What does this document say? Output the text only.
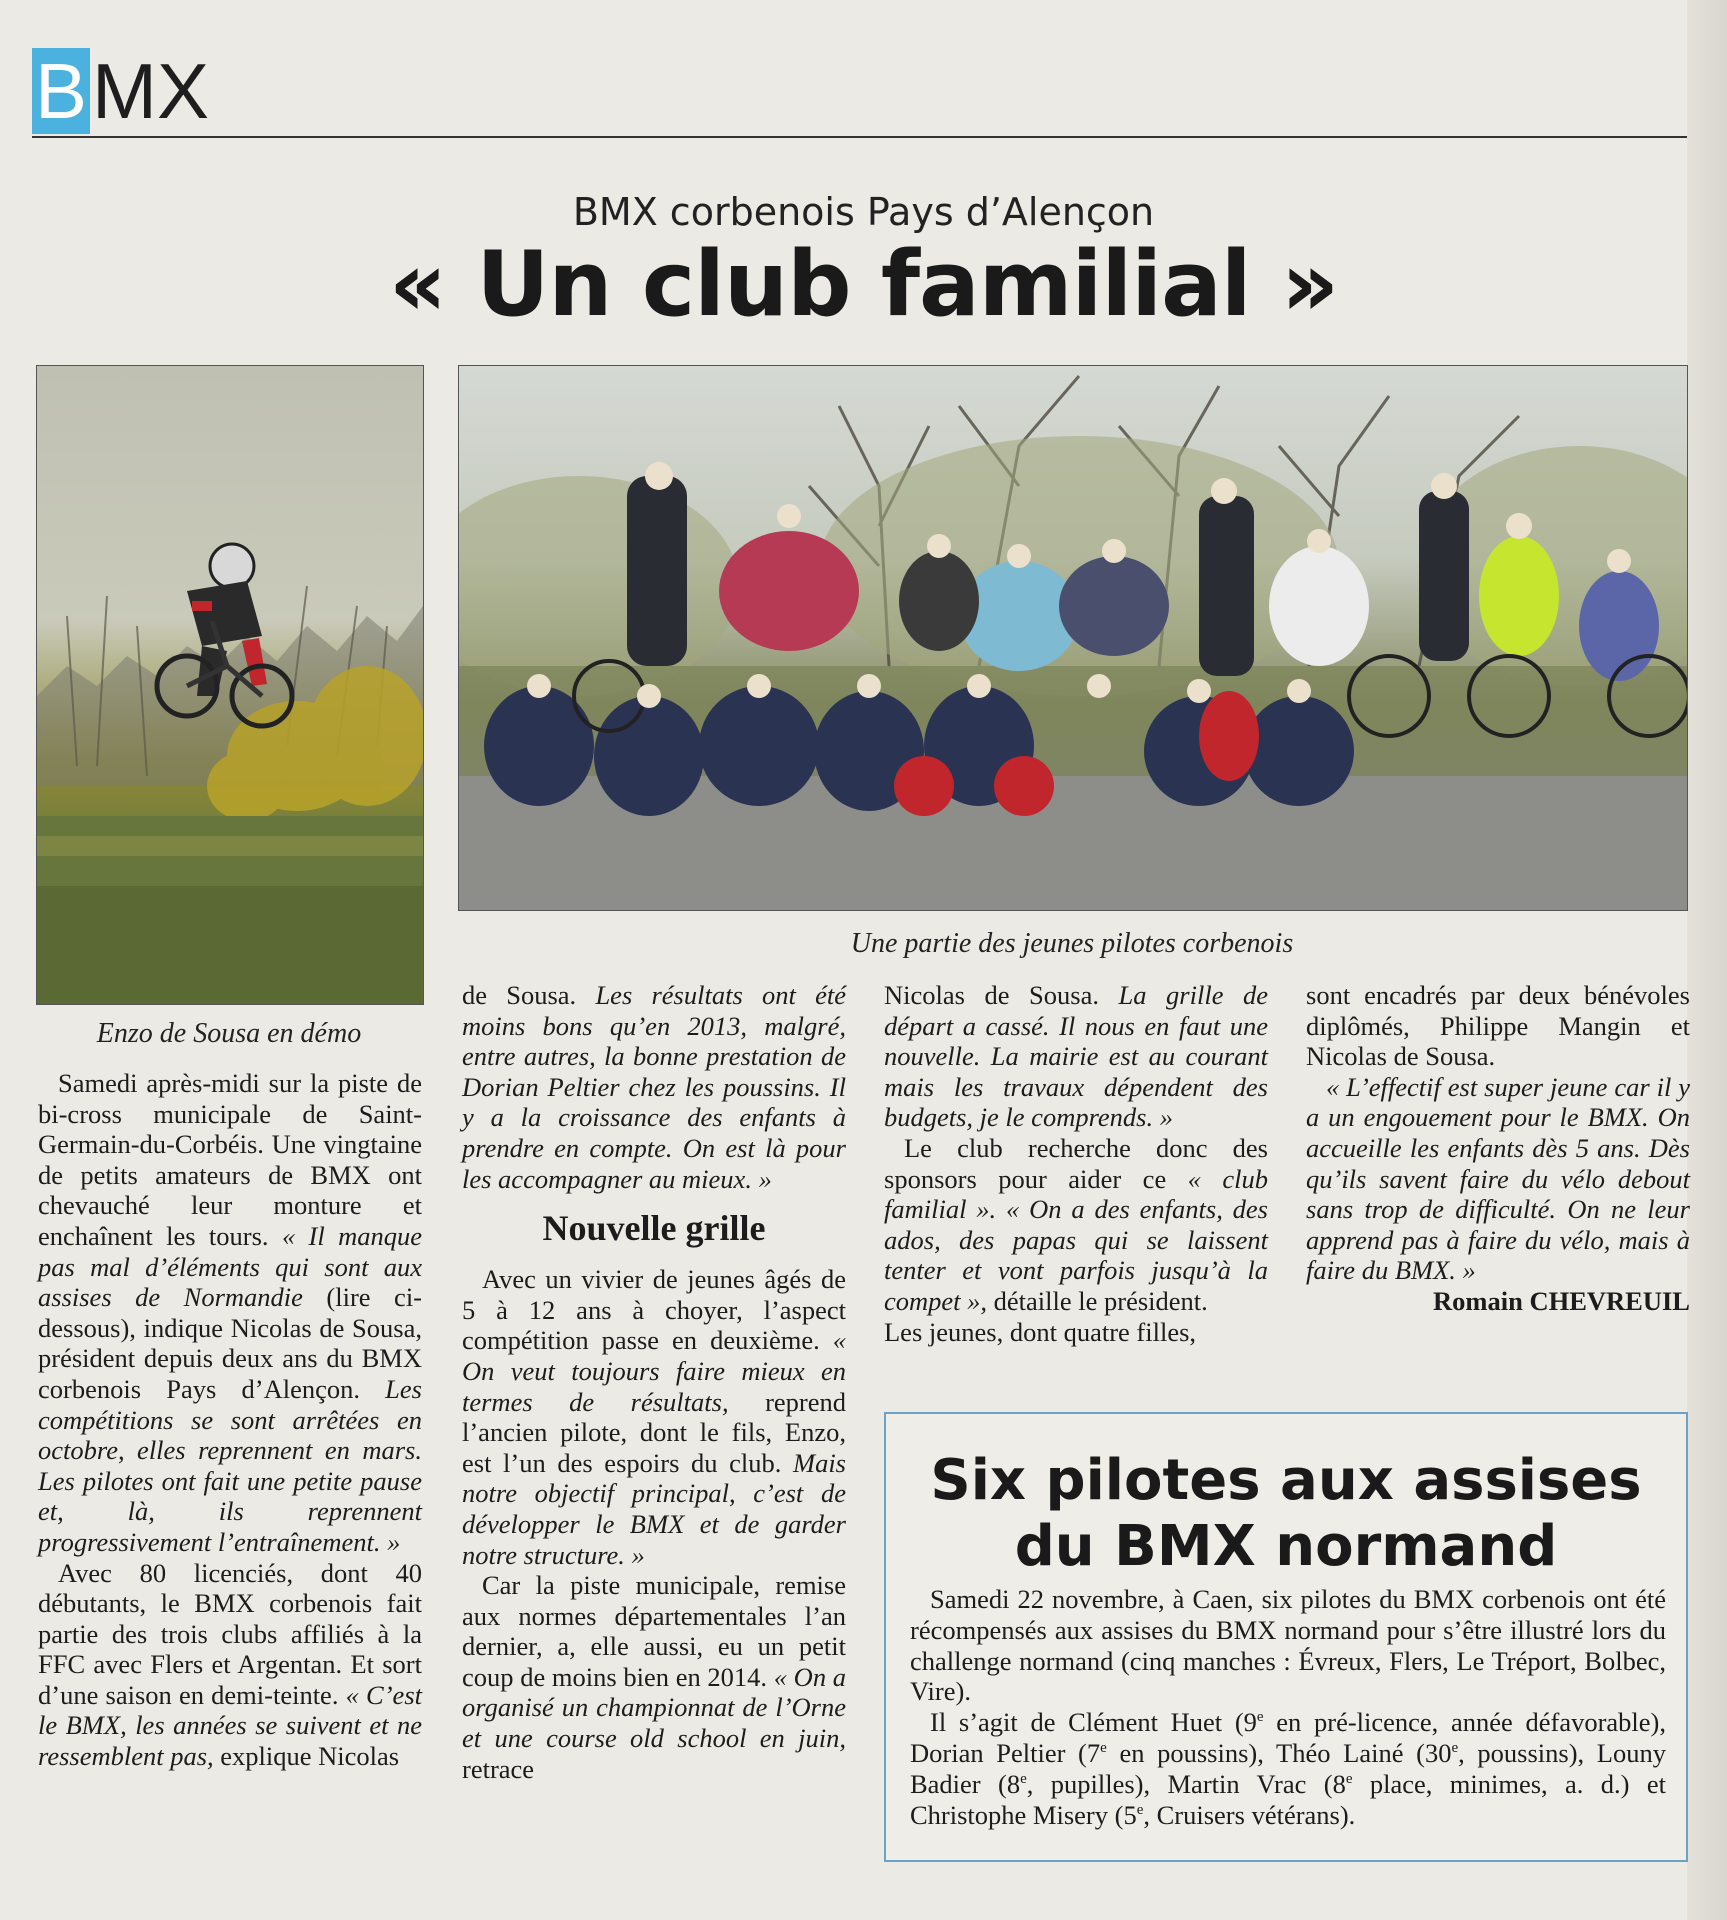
B MX
BMX corbenois Pays d’Alençon
« Un club familial »
Enzo de Sousa en démo
Une partie des jeunes pilotes corbenois

Samedi après-midi sur la piste de bi-cross municipale de Saint-Germain-du-Corbéis. Une vingtaine de petits amateurs de BMX ont chevauché leur monture et enchaînent les tours. « Il manque pas mal d’éléments qui sont aux assises de Normandie (lire ci-dessous), indique Nicolas de Sousa, président depuis deux ans du BMX corbenois Pays d’Alençon. Les compétitions se sont arrêtées en octobre, elles reprennent en mars. Les pilotes ont fait une petite pause et, là, ils reprennent progressivement l’entraînement. »

Avec 80 licenciés, dont 40 débutants, le BMX corbenois fait partie des trois clubs affiliés à la FFC avec Flers et Argentan. Et sort d’une saison en demi-teinte. « C’est le BMX, les années se suivent et ne ressemblent pas, explique Nicolas

de Sousa. Les résultats ont été moins bons qu’en 2013, malgré, entre autres, la bonne prestation de Dorian Peltier chez les poussins. Il y a la croissance des enfants à prendre en compte. On est là pour les accompagner au mieux. »

Nouvelle grille

Avec un vivier de jeunes âgés de 5 à 12 ans à choyer, l’aspect compétition passe en deuxième. « On veut toujours faire mieux en termes de résultats, reprend l’ancien pilote, dont le fils, Enzo, est l’un des espoirs du club. Mais notre objectif principal, c’est de développer le BMX et de garder notre structure. »

Car la piste municipale, remise aux normes départementales l’an dernier, a, elle aussi, eu un petit coup de moins bien en 2014. « On a organisé un championnat de l’Orne et une course old school en juin, retrace

Nicolas de Sousa. La grille de départ a cassé. Il nous en faut une nouvelle. La mairie est au courant mais les travaux dépendent des budgets, je le comprends. »

Le club recherche donc des sponsors pour aider ce « club familial ». « On a des enfants, des ados, des papas qui se laissent tenter et vont parfois jusqu’à la compet », détaille le président.

Les jeunes, dont quatre filles,

sont encadrés par deux bénévoles diplômés, Philippe Mangin et Nicolas de Sousa.

« L’effectif est super jeune car il y a un engouement pour le BMX. On accueille les enfants dès 5 ans. Dès qu’ils savent faire du vélo debout sans trop de difficulté. On ne leur apprend pas à faire du vélo, mais à faire du BMX. »

Romain CHEVREUIL

Six pilotes aux assises
du BMX normand

Samedi 22 novembre, à Caen, six pilotes du BMX corbenois ont été récompensés aux assises du BMX normand pour s’être illustré lors du challenge normand (cinq manches : Évreux, Flers, Le Tréport, Bolbec, Vire).

Il s’agit de Clément Huet (9e en pré-licence, année défavorable), Dorian Peltier (7e en poussins), Théo Lainé (30e, poussins), Louny Badier (8e, pupilles), Martin Vrac (8e place, minimes, a. d.) et Christophe Misery (5e, Cruisers vétérans).
